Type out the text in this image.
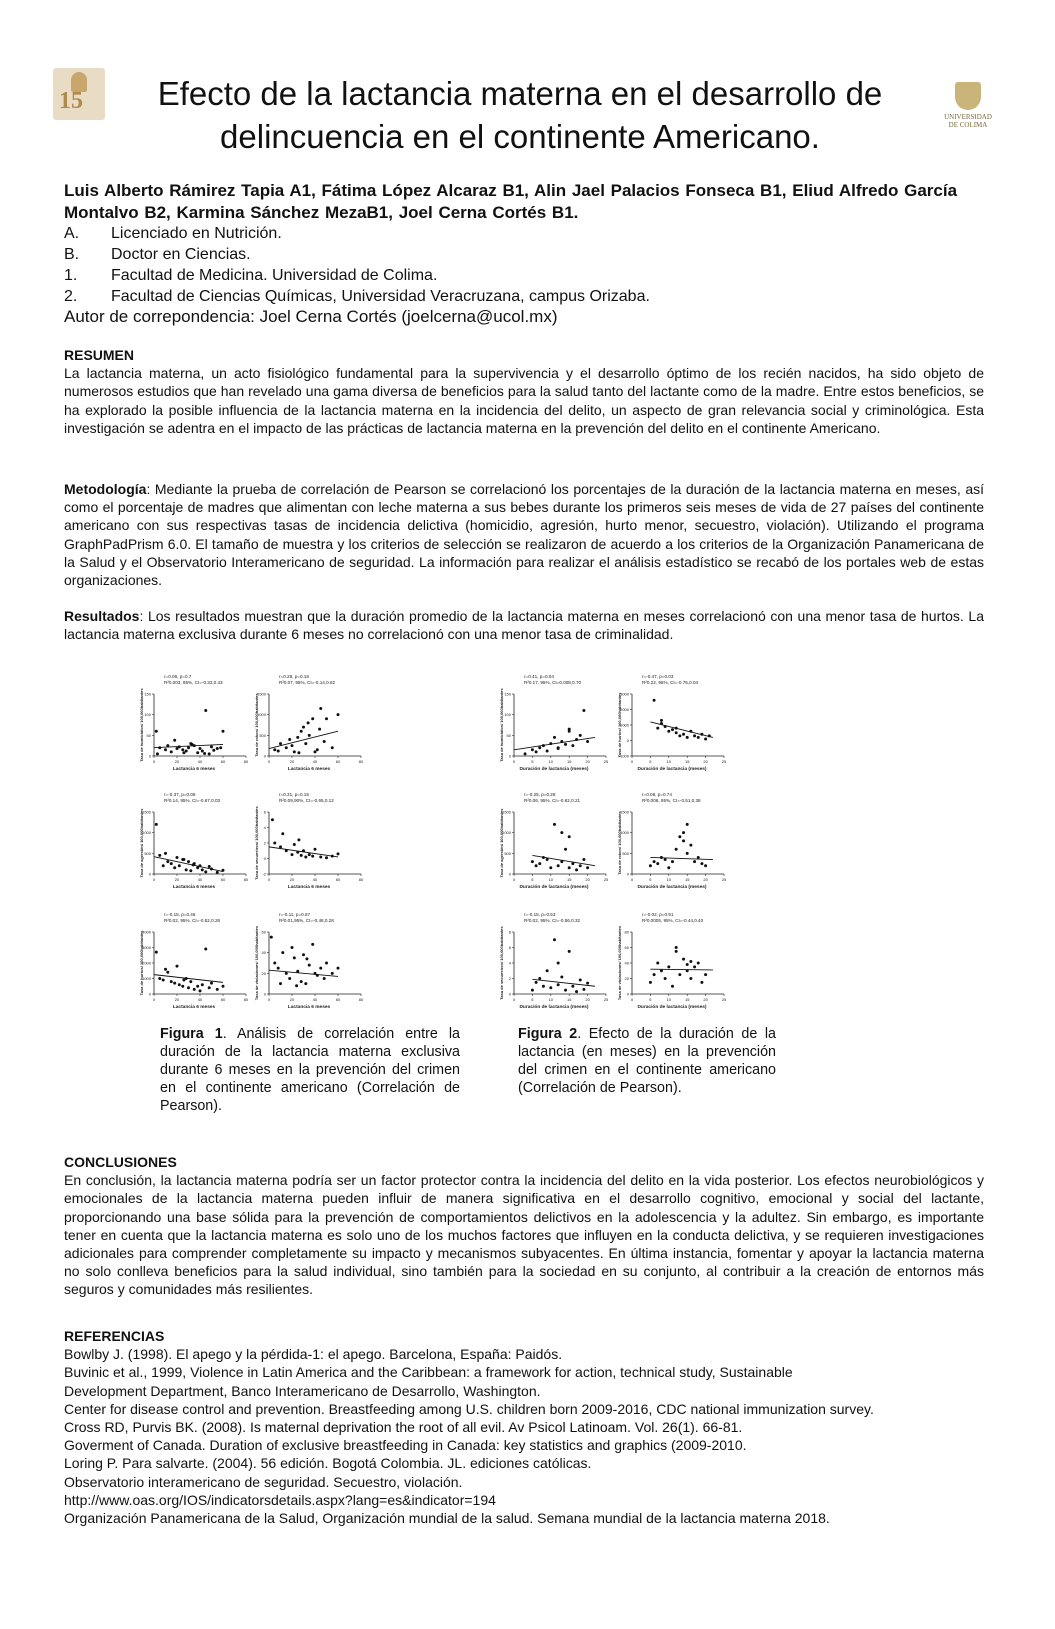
15	Efecto de la lactancia materna en el desarrollo de delincuencia en el continente Americano.
UNIVERSIDAD
DE COLIMA
Luis Alberto Rámirez Tapia A1, Fátima López Alcaraz B1, Alin Jael Palacios Fonseca B1, Eliud Alfredo García Montalvo B2, Karmina Sánchez MezaB1, Joel Cerna Cortés B1.
A. Licenciado en Nutrición.
B. Doctor en Ciencias.
1. Facultad de Medicina. Universidad de Colima.
2. Facultad de Ciencias Químicas, Universidad Veracruzana, campus Orizaba.
Autor de correpondencia: Joel Cerna Cortés (joelcerna@ucol.mx)
RESUMEN
La lactancia materna, un acto fisiológico fundamental para la supervivencia y el desarrollo óptimo de los recién nacidos, ha sido objeto de numerosos estudios que han revelado una gama diversa de beneficios para la salud tanto del lactante como de la madre. Entre estos beneficios, se ha explorado la posible influencia de la lactancia materna en la incidencia del delito, un aspecto de gran relevancia social y criminológica. Esta investigación se adentra en el impacto de las prácticas de lactancia materna en la prevención del delito en el continente Americano.
Metodología: Mediante la prueba de correlación de Pearson se correlacionó los porcentajes de la duración de la lactancia materna en meses, así como el porcentaje de madres que alimentan con leche materna a sus bebes durante los primeros seis meses de vida de 27 países del continente americano con sus respectivas tasas de incidencia delictiva (homicidio, agresión, hurto menor, secuestro, violación). Utilizando el programa GraphPadPrism 6.0. El tamaño de muestra y los criterios de selección se realizaron de acuerdo a los criterios de la Organización Panamericana de la Salud y el Observatorio Interamericano de seguridad. La información para realizar el análisis estadístico se recabó de los portales web de estas organizaciones.
Resultados: Los resultados muestran que la duración promedio de la lactancia materna en meses correlacionó con una menor tasa de hurtos. La lactancia materna exclusiva durante 6 meses no correlacionó con una menor tasa de criminalidad.
r=0.06, p=0.7
R²0.003, 95%, CI=-0.32,0.43
150
100
50
0
0	20	40	60	80
Lactancia 6 meses
Tasa de homicidios/ 100,000habitantes
r=0.28, p=0.18
R²0.07, 95%, CI=-0.14,0.62
1500
1000
500
0
0	20	40	60	80
Lactancia 6 meses
Tasa de robos/ 100,000habitantes
r=-0.37, p=0.06
R²0.14, 95%, CI=-0.67,0.03
1500
1000
500
0
0	20	40	60	80
Lactancia 6 meses
Tasa de agresión/ 100,000habitantes
r=0.31, p=0.15
R²0.09,90%, CI=-0.65,0.12
6
4
2
0
-2
0	20	40	60	80
Lactancia 6 meses
Tasa de secuestros/ 100,000habitantes
r=-0.15, p=0.46
R²0.02, 95%, CI=-0.52,0.26
4000
3000
2000
1000
0
0	20	40	60	80
Lactancia 6 meses
Tasa de hurtos/ 100,000habitantes
r=-0.11, p=0.57
R²0.01,95%, CI=-0.48,0.28
60
40
20
0
0	20	40	60	80
Lactancia 6 meses
Tasa de violaciones/ 100,000habitantes
r=0.41, p=0.04
R²0.17, 95%, CI=0.008,0.70
150
100
50
0
0	5	10	15	20	25
Duración de lactancia (meses)
Tasa de homicidios/ 100,000habitantes
r=-0.47, p=0.03
R²0.22, 95%, CI=-0.75,0.04
3000
2000
1000
0
-1000
0	5	10	15	20	25
Duración de lactancia (meses)
Tasa de hurtos/ 100,000habitantes
r=-0.25, p=0.28
R²0.06, 95%, CI=-0.62,0.21
1500
1000
500
0
0	5	10	15	20	25
Duración de lactancia (meses)
Tasa de agresión/ 100,000habitantes
r=0.08, p=0.74
R²0.006, 95%, CI=-0.51,0.38
1500
1000
500
0
0	5	10	15	20	25
Duración de lactancia (meses)
Tasa de robos/ 100,000habitantes
r=-0.15, p=0.53
R²0.02, 95%, CI=-0.56,0.32
8
6
4
2
0
0	5	10	15	20	25
Duración de lactancia (meses)
Tasa de secuestros/ 100,000habitantes
r=-0.02, p=0.91
R²0.0005, 95%, CI=-0.44,0.40
80
60
40
20
0
0	5	10	15	20	25
Duración de lactancia (meses)
Tasa de violaciones/ 100,000habitantes
Figura 1. Análisis de correlación entre la duración de la lactancia materna exclusiva durante 6 meses en la prevención del crimen en el continente americano (Correlación de Pearson).
Figura 2. Efecto de la duración de la lactancia (en meses) en la prevención del crimen en el continente americano (Correlación de Pearson).
CONCLUSIONES
En conclusión, la lactancia materna podría ser un factor protector contra la incidencia del delito en la vida posterior. Los efectos neurobiológicos y emocionales de la lactancia materna pueden influir de manera significativa en el desarrollo cognitivo, emocional y social del lactante, proporcionando una base sólida para la prevención de comportamientos delictivos en la adolescencia y la adultez. Sin embargo, es importante tener en cuenta que la lactancia materna es solo uno de los muchos factores que influyen en la conducta delictiva, y se requieren investigaciones adicionales para comprender completamente su impacto y mecanismos subyacentes. En última instancia, fomentar y apoyar la lactancia materna no solo conlleva beneficios para la salud individual, sino también para la sociedad en su conjunto, al contribuir a la creación de entornos más seguros y comunidades más resilientes.
REFERENCIAS
Bowlby J. (1998). El apego y la pérdida-1: el apego. Barcelona, España: Paidós.
Buvinic et al., 1999, Violence in Latin America and the Caribbean: a framework for action, technical study, Sustainable
Development Department, Banco Interamericano de Desarrollo, Washington.
Center for disease control and prevention. Breastfeeding among U.S. children born 2009-2016, CDC national immunization survey.
Cross RD, Purvis BK. (2008). Is maternal deprivation the root of all evil. Av Psicol Latinoam. Vol. 26(1). 66-81.
Goverment of Canada. Duration of exclusive breastfeeding in Canada: key statistics and graphics (2009-2010.
Loring P. Para salvarte. (2004). 56 edición. Bogotá Colombia. JL. ediciones católicas.
Observatorio interamericano de seguridad. Secuestro, violación.
http://www.oas.org/IOS/indicatorsdetails.aspx?lang=es&indicator=194
Organización Panamericana de la Salud, Organización mundial de la salud. Semana mundial de la lactancia materna 2018.
